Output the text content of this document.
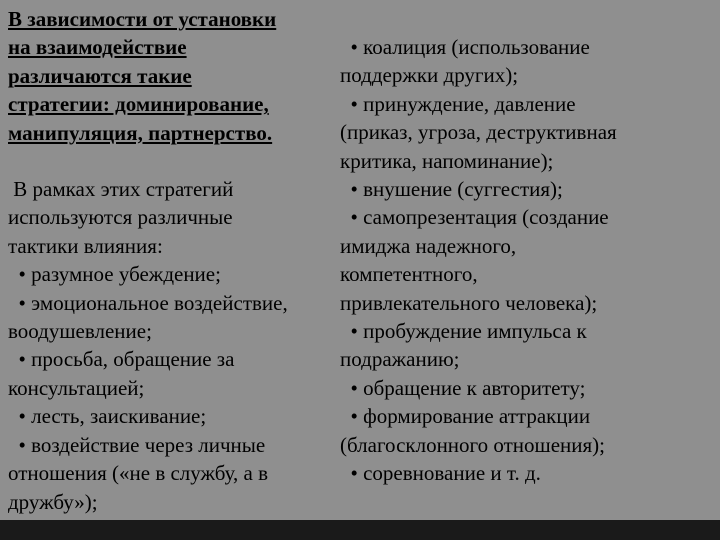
В зависимости от установки
на взаимодействие
различаются такие
стратегии: доминирование,
манипуляция, партнерство.
В рамках этих стратегий
используются различные
тактики влияния:
• разумное убеждение;
• эмоциональное воздействие,
воодушевление;
• просьба, обращение за
консультацией;
• лесть, заискивание;
• воздействие через личные
отношения («не в службу, а в
дружбу»);
• коалиция (использование
поддержки других);
• принуждение, давление
(приказ, угроза, деструктивная
критика, напоминание);
• внушение (суггестия);
• самопрезентация (создание
имиджа надежного,
компетентного,
привлекательного человека);
• пробуждение импульса к
подражанию;
• обращение к авторитету;
• формирование аттракции
(благосклонного отношения);
• соревнование и т. д.
